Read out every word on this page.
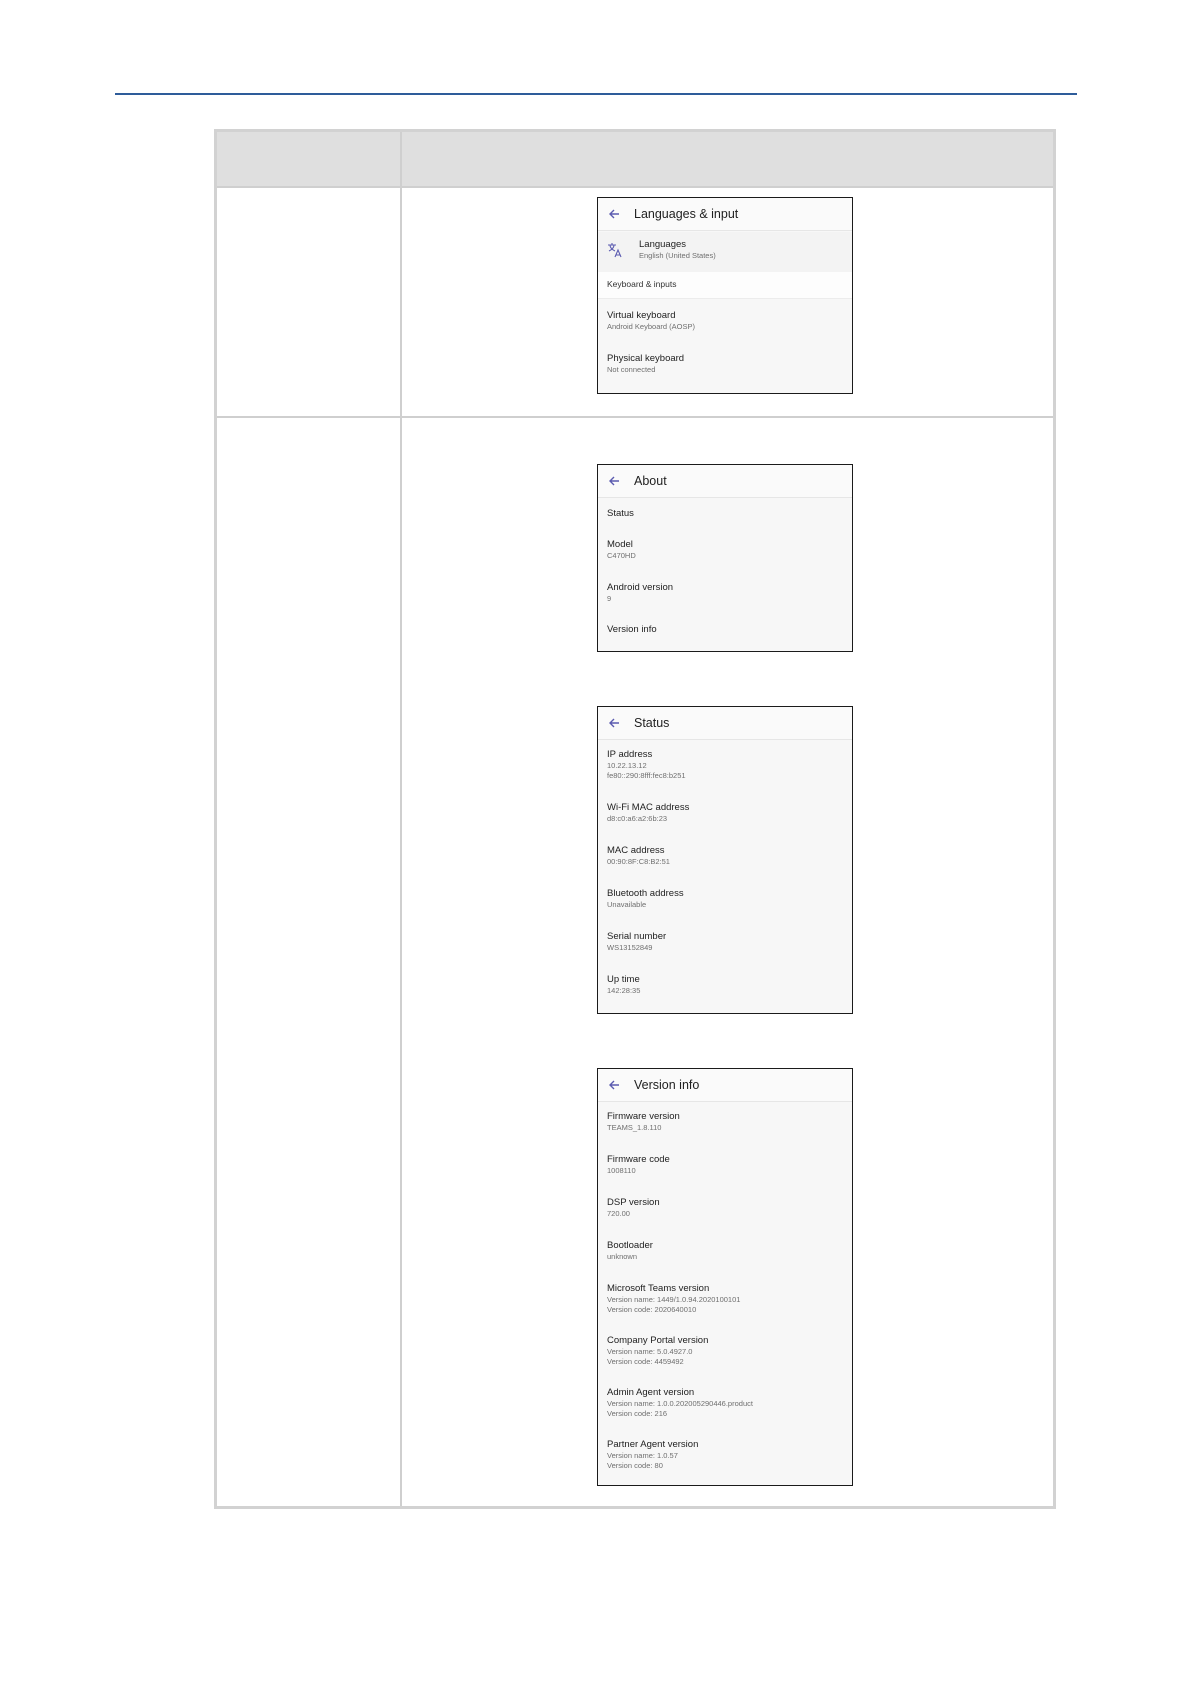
Languages & input
Languages
English (United States)
Keyboard & inputs
Virtual keyboard
Android Keyboard (AOSP)
Physical keyboard
Not connected
About
Status
Model
C470HD
Android version
9
Version info
Status
IP address
10.22.13.12
fe80::290:8fff:fec8:b251
Wi-Fi MAC address
d8:c0:a6:a2:6b:23
MAC address
00:90:8F:C8:B2:51
Bluetooth address
Unavailable
Serial number
WS13152849
Up time
142:28:35
Version info
Firmware version
TEAMS_1.8.110
Firmware code
1008110
DSP version
720.00
Bootloader
unknown
Microsoft Teams version
Version name: 1449/1.0.94.2020100101
Version code: 2020640010
Company Portal version
Version name: 5.0.4927.0
Version code: 4459492
Admin Agent version
Version name: 1.0.0.202005290446.product
Version code: 216
Partner Agent version
Version name: 1.0.57
Version code: 80
